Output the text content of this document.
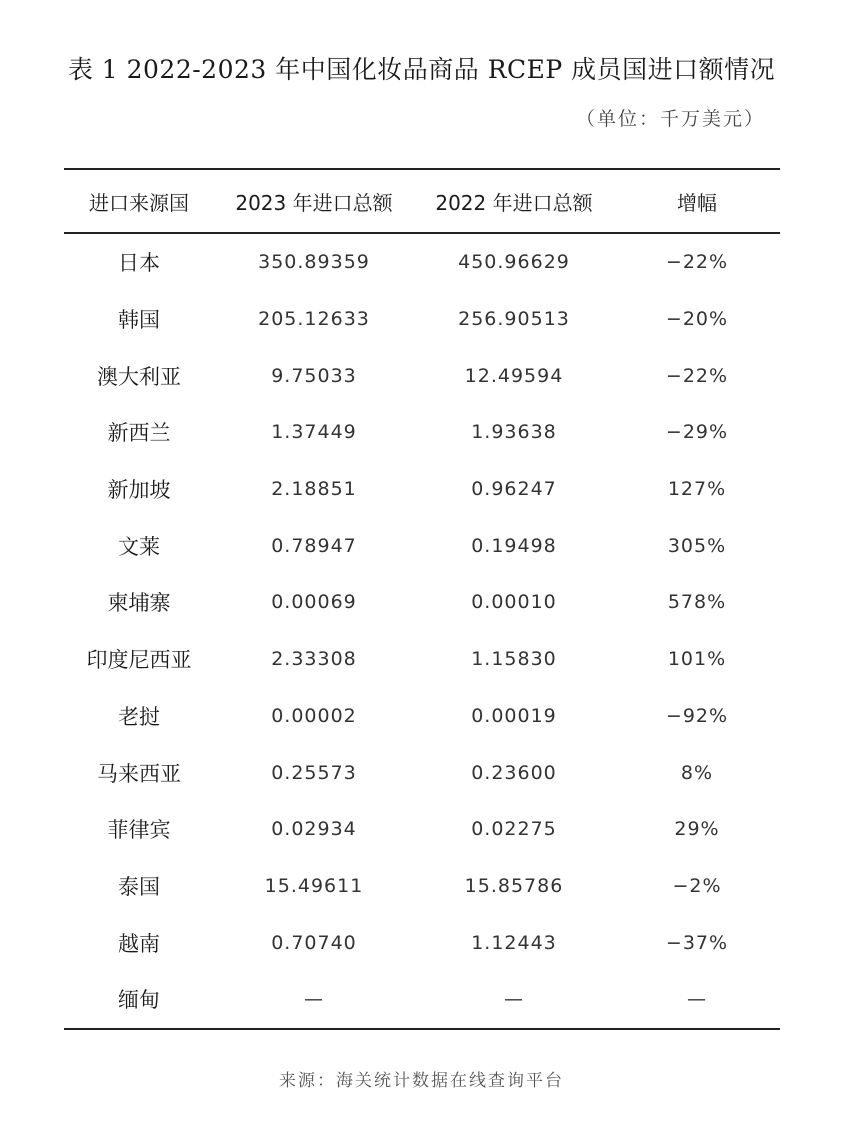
表 1 2022-2023 年中国化妆品商品 RCEP 成员国进口额情况
（单位：千万美元）
进口来源国	2023 年进口总额	2022 年进口总额	增幅
日本	350.89359	450.96629	−22%
韩国	205.12633	256.90513	−20%
澳大利亚	9.75033	12.49594	−22%
新西兰	1.37449	1.93638	−29%
新加坡	2.18851	0.96247	127%
文莱	0.78947	0.19498	305%
柬埔寨	0.00069	0.00010	578%
印度尼西亚	2.33308	1.15830	101%
老挝	0.00002	0.00019	−92%
马来西亚	0.25573	0.23600	8%
菲律宾	0.02934	0.02275	29%
泰国	15.49611	15.85786	−2%
越南	0.70740	1.12443	−37%
缅甸	—	—	—
来源：海关统计数据在线查询平台
